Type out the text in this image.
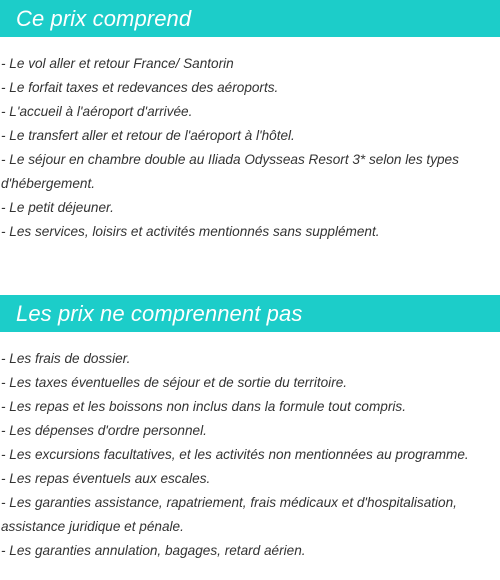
Ce prix comprend
- Le vol aller et retour France/ Santorin
- Le forfait taxes et redevances des aéroports.
- L'accueil à l'aéroport d'arrivée.
- Le transfert aller et retour de l'aéroport à l'hôtel.
- Le séjour en chambre double au Iliada Odysseas Resort 3* selon les types d'hébergement.
- Le petit déjeuner.
- Les services, loisirs et activités mentionnés sans supplément.
Les prix ne comprennent pas
- Les frais de dossier.
- Les taxes éventuelles de séjour et de sortie du territoire.
- Les repas et les boissons non inclus dans la formule tout compris.
- Les dépenses d'ordre personnel.
- Les excursions facultatives, et les activités non mentionnées au programme.
- Les repas éventuels aux escales.
- Les garanties assistance, rapatriement, frais médicaux et d'hospitalisation, assistance juridique et pénale.
- Les garanties annulation, bagages, retard aérien.
